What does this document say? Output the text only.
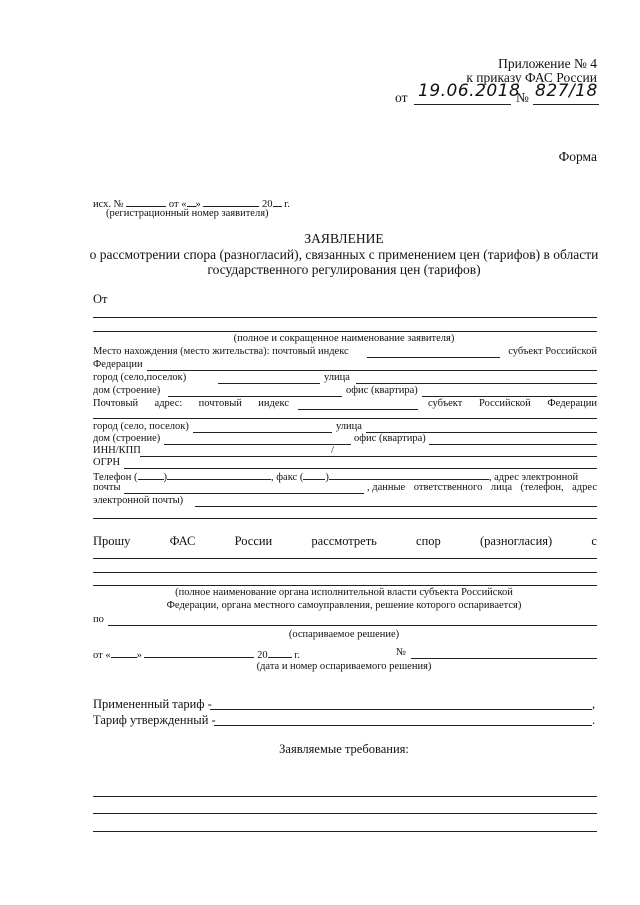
Приложение № 4
к приказу ФАС России
от 19.06.2018
№ 827/18
Форма
исх. №	от « »	20 г.
(регистрационный номер заявителя)
ЗАЯВЛЕНИЕ
о рассмотрении спора (разногласий), связанных с применением цен (тарифов) в области
государственного регулирования цен (тарифов)
От
(полное и сокращенное наименование заявителя)
Место нахождения (место жительства): почтовый индекс	субъект Российской
Федерации
город (село,поселок)	улица
дом (строение)	офис (квартира)
Почтовый адрес: почтовый индекс	субъект Российской Федерации
город (село, поселок)	улица
дом (строение)	офис (квартира)
ИНН/КПП	/
ОГРН
Телефон ( )	, факс ( )	, адрес электронной
почты	, данные ответственного лица (телефон, адрес
электронной почты)
Прошу	ФАС	России	рассмотреть	спор	(разногласия)	с
(полное наименование органа исполнительной власти субъекта Российской
Федерации, органа местного самоуправления, решение которого оспаривается)
по
(оспариваемое решение)
от « »	20	г.	№
(дата и номер оспариваемого решения)
Примененный тариф -	,
Тариф утвержденный -	.
Заявляемые требования:
